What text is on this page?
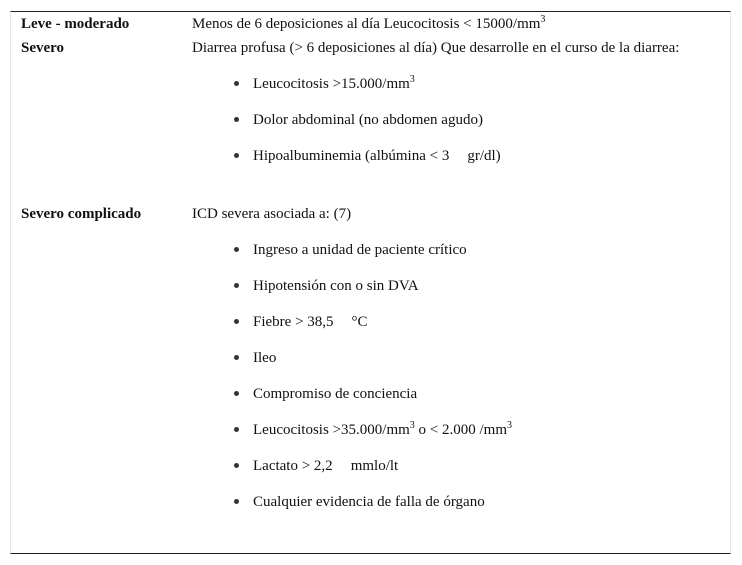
Leve - moderado	Menos de 6 deposiciones al día Leucocitosis < $15000/mm^3$
Severo	Diarrea profusa (> 6 deposiciones al día) Que desarrolle en el curso de la diarrea:
Leucocitosis $>15.000/mm^3$
Dolor abdominal (no abdomen agudo)
Hipoalbuminemia (albúmina < 3 gr/dl)
Severo complicado	ICD severa asociada a: (7)
Ingreso a unidad de paciente crítico
Hipotensión con o sin DVA
Fiebre > 38,5 °C
Ileo
Compromiso de conciencia
Leucocitosis $>35.000/mm^3$ o < 2.000 $/mm^3$
Lactato > 2,2 mmlo/lt
Cualquier evidencia de falla de órgano
